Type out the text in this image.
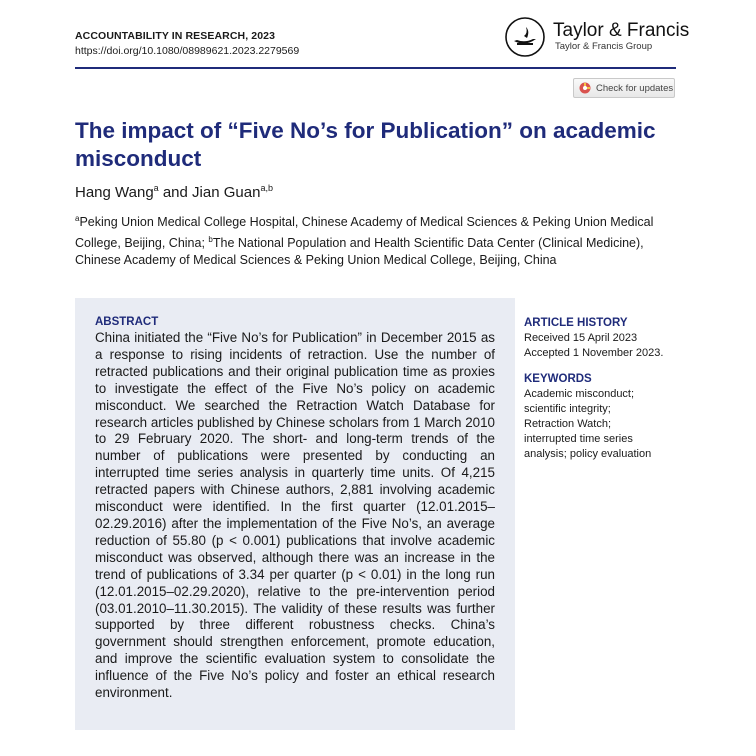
ACCOUNTABILITY IN RESEARCH, 2023
https://doi.org/10.1080/08989621.2023.2279569
Taylor & Francis
Taylor & Francis Group
Check for updates
The impact of “Five No’s for Publication” on academic misconduct
Hang Wang$^a$ and Jian Guan$^{a,b}$
$^a$Peking Union Medical College Hospital, Chinese Academy of Medical Sciences & Peking Union Medical College, Beijing, China; $^b$The National Population and Health Scientific Data Center (Clinical Medicine), Chinese Academy of Medical Sciences & Peking Union Medical College, Beijing, China
ABSTRACT

China initiated the “Five No’s for Publication” in December 2015 as a response to rising incidents of retraction. Use the number of retracted publications and their original publication time as proxies to investigate the effect of the Five No’s policy on academic misconduct. We searched the Retraction Watch Database for research articles published by Chinese scholars from 1 March 2010 to 29 February 2020. The short- and long-term trends of the number of publications were presented by conducting an interrupted time series analysis in quarterly time units. Of 4,215 retracted papers with Chinese authors, 2,881 involving academic misconduct were identified. In the first quarter (12.01.2015–02.29.2016) after the implementation of the Five No’s, an average reduction of 55.80 (p < 0.001) publications that involve academic misconduct was observed, although there was an increase in the trend of publications of 3.34 per quarter (p < 0.01) in the long run (12.01.2015–02.29.2020), relative to the pre-intervention period (03.01.2010–11.30.2015). The validity of these results was further supported by three different robustness checks. China’s government should strengthen enforcement, promote education, and improve the scientific evaluation system to consolidate the influence of the Five No’s policy and foster an ethical research environment.

ARTICLE HISTORY
Received 15 April 2023
Accepted 1 November 2023.
KEYWORDS
Academic misconduct;
scientific integrity;
Retraction Watch;
interrupted time series
analysis; policy evaluation
